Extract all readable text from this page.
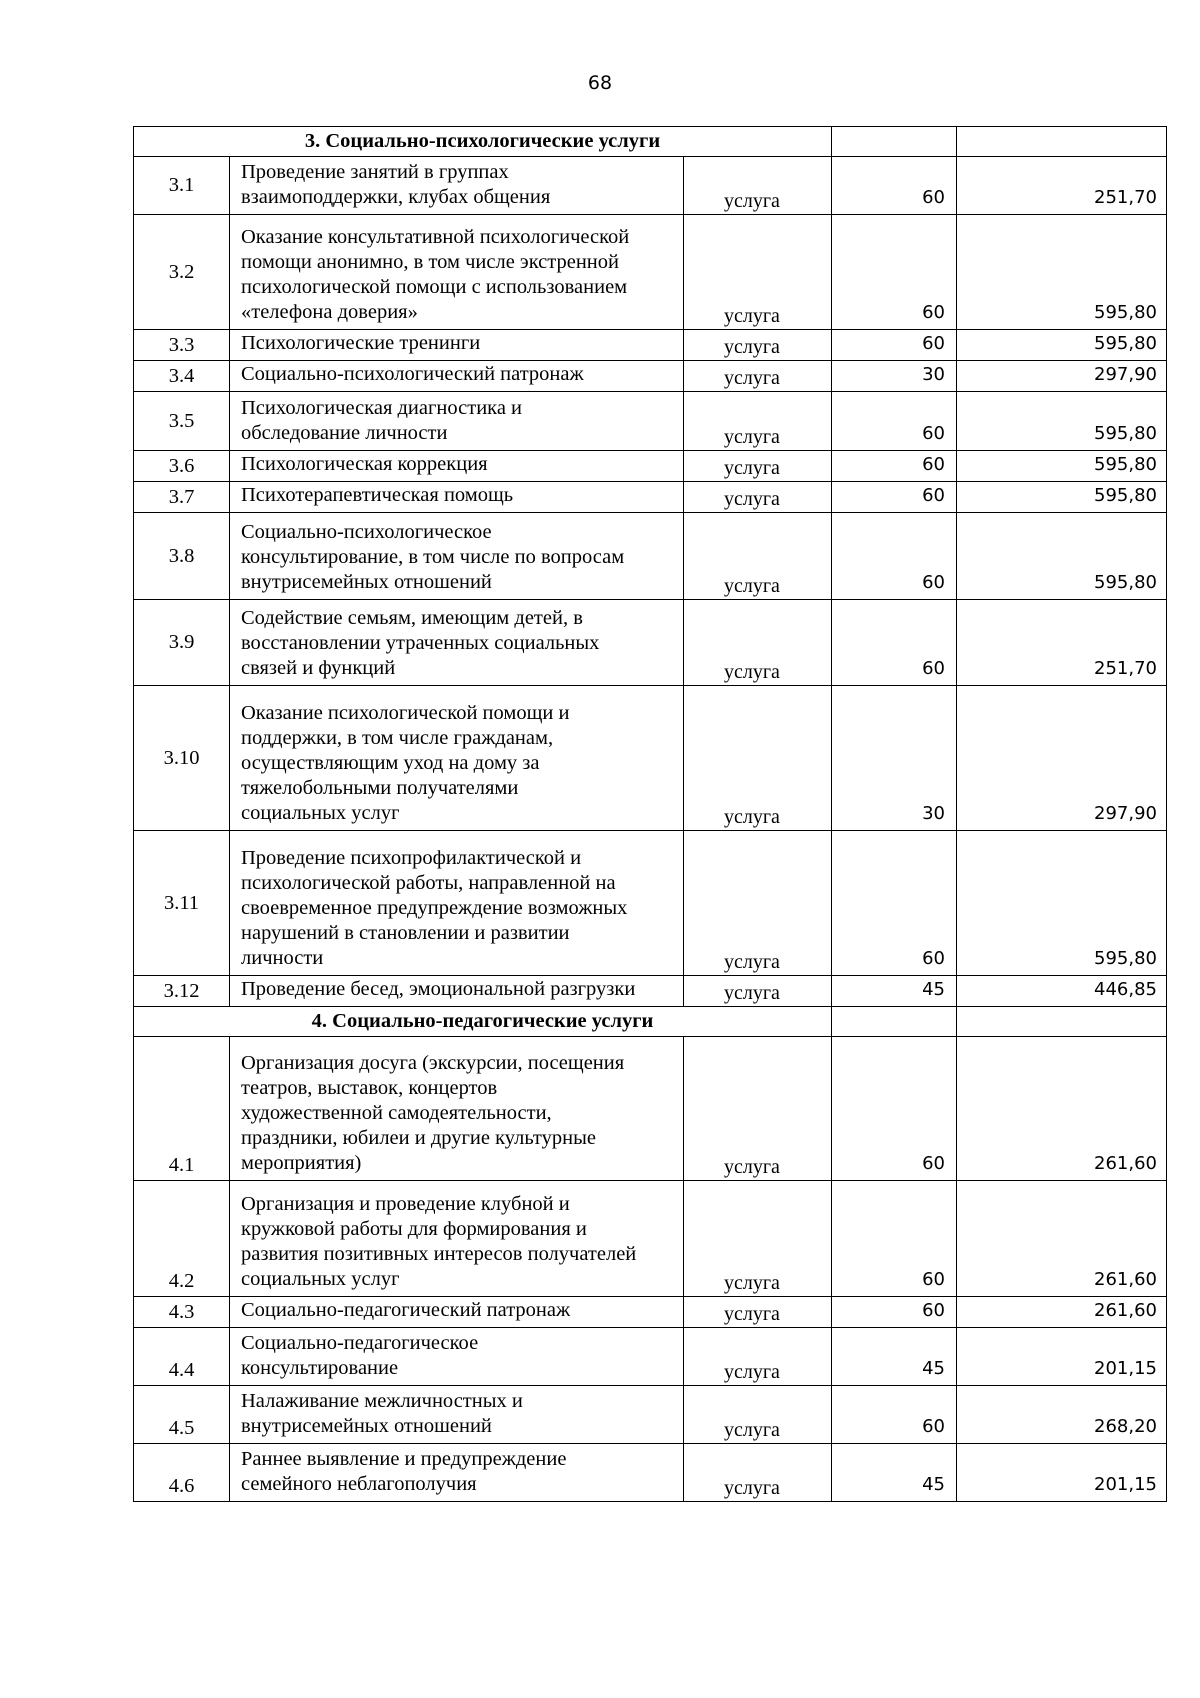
68
3. Социально-психологические услуги				
3.1	Проведение занятий в группах
взаимоподдержки, клубах общения	услуга	60	251,70
3.2	Оказание консультативной психологической
помощи анонимно, в том числе экстренной
психологической помощи с использованием
«телефона доверия»	услуга	60	595,80
3.3	Психологические тренинги	услуга	60	595,80
3.4	Социально-психологический патронаж	услуга	30	297,90
3.5	Психологическая диагностика и
обследование личности	услуга	60	595,80
3.6	Психологическая коррекция	услуга	60	595,80
3.7	Психотерапевтическая помощь	услуга	60	595,80
3.8	Социально-психологическое
консультирование, в том числе по вопросам
внутрисемейных отношений	услуга	60	595,80
3.9	Содействие семьям, имеющим детей, в
восстановлении утраченных социальных
связей и функций	услуга	60	251,70
3.10	Оказание психологической помощи и
поддержки, в том числе гражданам,
осуществляющим уход на дому за
тяжелобольными получателями
социальных услуг	услуга	30	297,90
3.11	Проведение психопрофилактической и
психологической работы, направленной на
своевременное предупреждение возможных
нарушений в становлении и развитии
личности	услуга	60	595,80
3.12	Проведение бесед, эмоциональной разгрузки	услуга	45	446,85
4. Социально-педагогические услуги				
4.1	Организация досуга (экскурсии, посещения
театров, выставок, концертов
художественной самодеятельности,
праздники, юбилеи и другие культурные
мероприятия)	услуга	60	261,60
4.2	Организация и проведение клубной и
кружковой работы для формирования и
развития позитивных интересов получателей
социальных услуг	услуга	60	261,60
4.3	Социально-педагогический патронаж	услуга	60	261,60
4.4	Социально-педагогическое
консультирование	услуга	45	201,15
4.5	Налаживание межличностных и
внутрисемейных отношений	услуга	60	268,20
4.6	Раннее выявление и предупреждение
семейного неблагополучия	услуга	45	201,15
